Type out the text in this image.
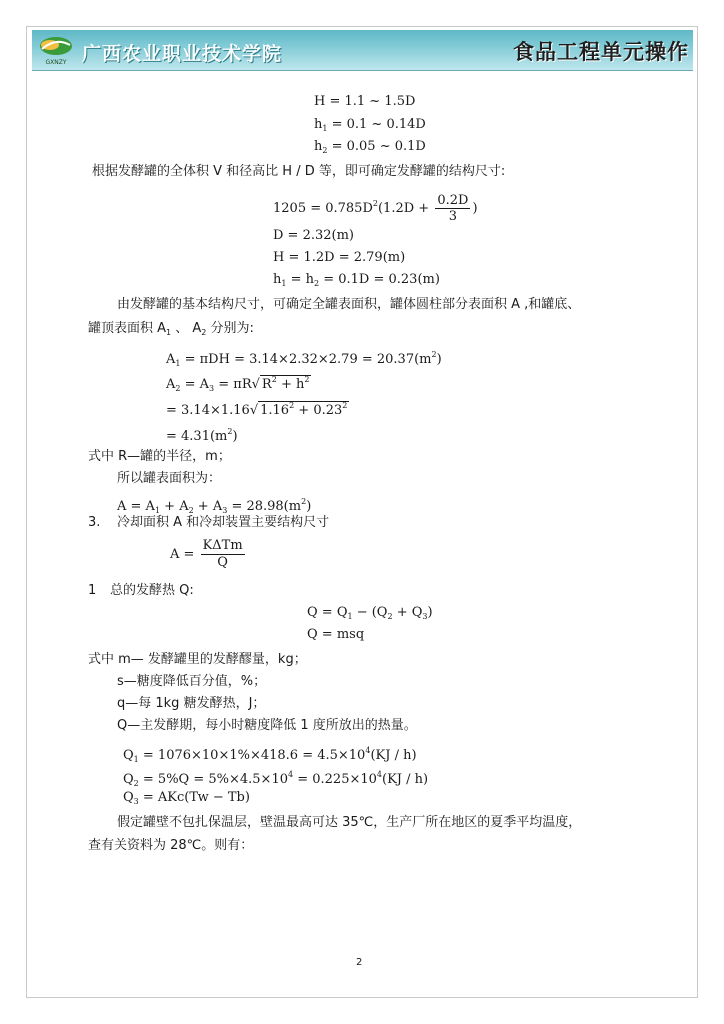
GXNZY 广西农业职业技术学院	食品工程单元操作
H = 1.1 ~ 1.5D
$h_1 = 0.1$ ~ 0.14D
$h_2 = 0.05$ ~ 0.1D
根据发酵罐的全体积 V 和径高比 H / D 等，即可确定发酵罐的结构尺寸:
$1205 = 0.785D^2(1.2D + \frac{0.2D}{3}$ )
D = 2.32(m)
H = 1.2D = 2.79(m)
$h_1 = h_2 = 0.1D = 0.23(m)$
由发酵罐的基本结构尺寸，可确定全罐表面积，罐体圆柱部分表面积 A ,和罐底、
罐顶表面积 $A_1$ 、 $A_2$ 分别为:
$A_1 = \pi DH = 3.14\times 2.32\times 2.79 = 20.37(m^2)$
$A_2 = A_3 = \pi R√$ $R^2 + h^2$
= 3.14×1.16√ $1.16^2 + 0.23^2$
= $4.31(m^2)$
式中 R—罐的半径，m；
所以罐表面积为：
$A = A_1 + A_2 + A_3 = 28.98(m^2)$
3. 冷却面积 A 和冷却装置主要结构尺寸
$A = \frac{\text{KΔTm}}{Q}$
1 总的发酵热 Q:
$Q = Q_1 - (Q_2 + Q_3)$
Q = msq
式中 m— 发酵罐里的发酵醪量，kg；
s—糖度降低百分值，%；
q—每 1kg 糖发酵热，J；
Q—主发酵期，每小时糖度降低 1 度所放出的热量。
$Q_1 = 1076\times 10\times 1\%\times 418.6 = 4.5\times 10^4(KJ / h)$
$Q_2 = 5\%Q = 5\%\times 4.5\times 10^4 = 0.225\times 10^4(KJ / h)$
$Q_3 = AKc(Tw - Tb)$
假定罐壁不包扎保温层，壁温最高可达 35℃，生产厂所在地区的夏季平均温度，
查有关资料为 28℃。则有：
2
